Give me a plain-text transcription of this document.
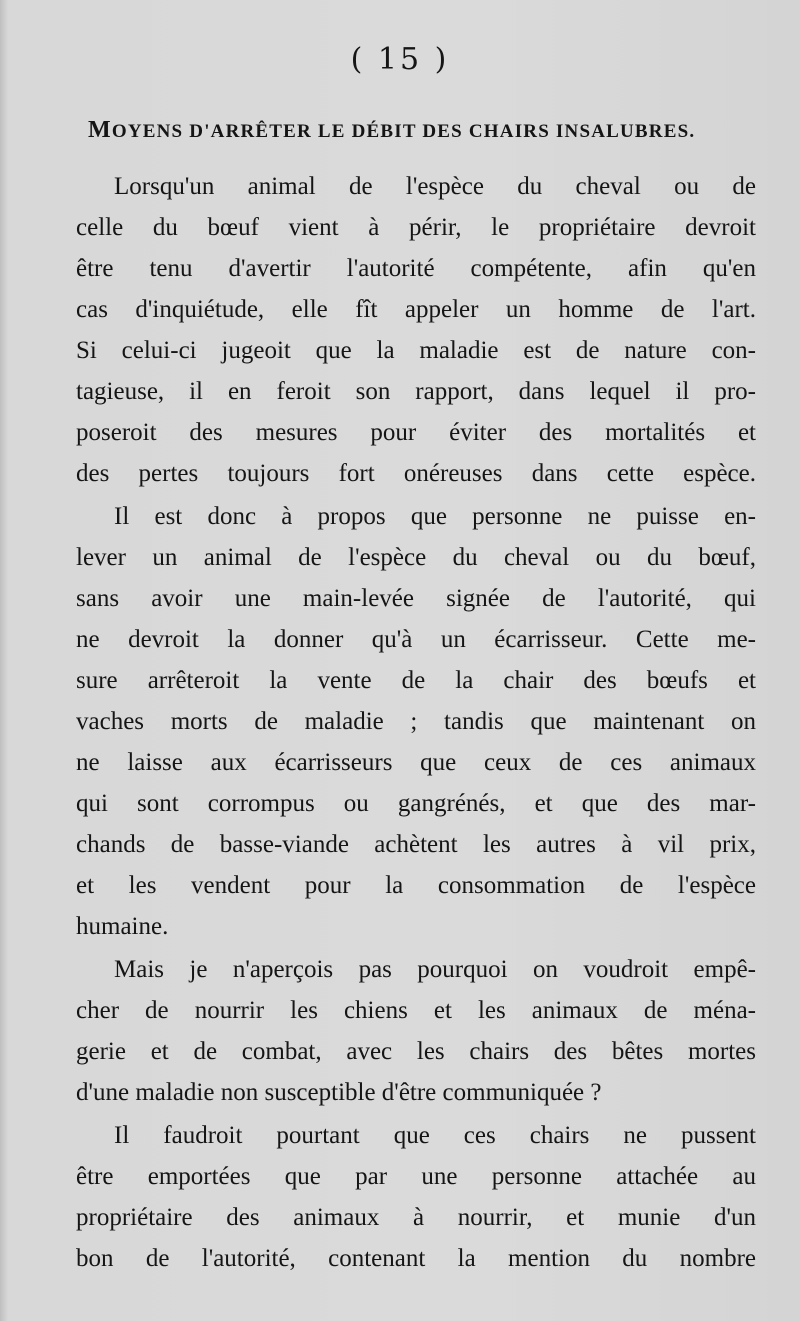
( 15 )
MOYENS D'ARRÊTER LE DÉBIT DES CHAIRS INSALUBRES.
Lorsqu'un animal de l'espèce du cheval ou de
celle du bœuf vient à périr, le propriétaire devroit
être tenu d'avertir l'autorité compétente, afin qu'en
cas d'inquiétude, elle fît appeler un homme de l'art.
Si celui-ci jugeoit que la maladie est de nature con-
tagieuse, il en feroit son rapport, dans lequel il pro-
poseroit des mesures pour éviter des mortalités et
des pertes toujours fort onéreuses dans cette espèce.
Il est donc à propos que personne ne puisse en-
lever un animal de l'espèce du cheval ou du bœuf,
sans avoir une main-levée signée de l'autorité, qui
ne devroit la donner qu'à un écarrisseur. Cette me-
sure arrêteroit la vente de la chair des bœufs et
vaches morts de maladie ; tandis que maintenant on
ne laisse aux écarrisseurs que ceux de ces animaux
qui sont corrompus ou gangrénés, et que des mar-
chands de basse-viande achètent les autres à vil prix,
et les vendent pour la consommation de l'espèce
humaine.
Mais je n'aperçois pas pourquoi on voudroit empê-
cher de nourrir les chiens et les animaux de ména-
gerie et de combat, avec les chairs des bêtes mortes
d'une maladie non susceptible d'être communiquée ?
Il faudroit pourtant que ces chairs ne pussent
être emportées que par une personne attachée au
propriétaire des animaux à nourrir, et munie d'un
bon de l'autorité, contenant la mention du nombre
